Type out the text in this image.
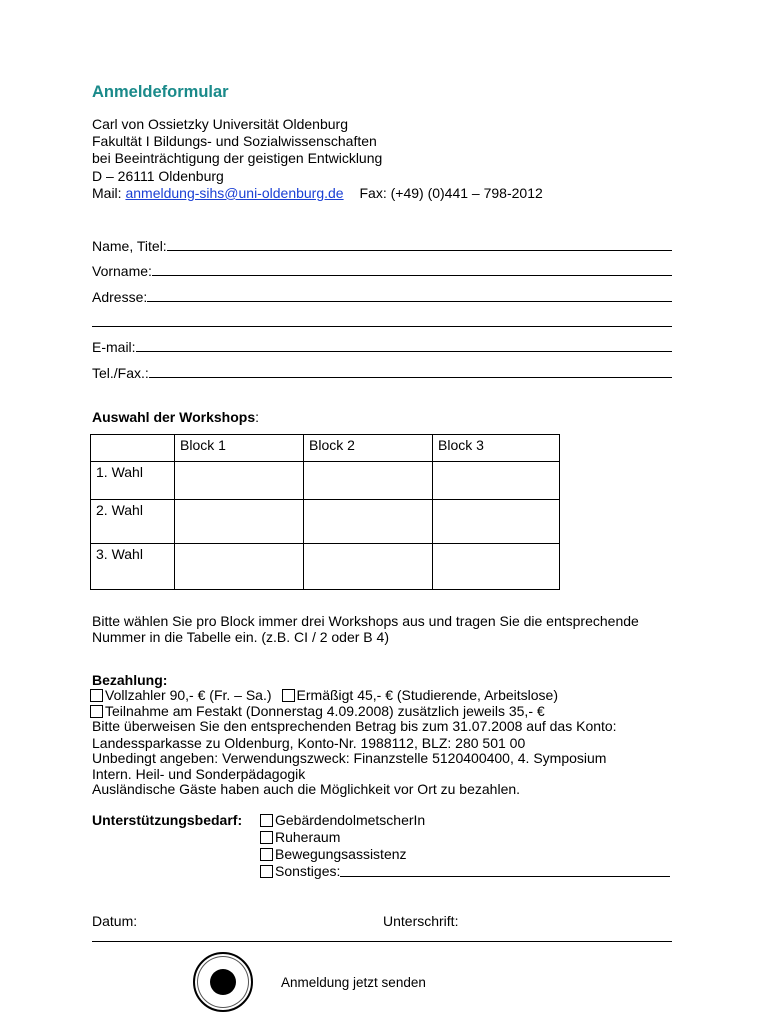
Anmeldeformular
Carl von Ossietzky Universität Oldenburg
Fakultät I Bildungs- und Sozialwissenschaften
bei Beeinträchtigung der geistigen Entwicklung
D – 26111 Oldenburg
Mail: anmeldung-sihs@uni-oldenburg.de Fax: (+49) (0)441 – 798-2012
Name, Titel:
Vorname:
Adresse:
E-mail:
Tel./Fax.:
Auswahl der Workshops:
	Block 1	Block 2	Block 3
1. Wahl			
2. Wahl			
3. Wahl			
Bitte wählen Sie pro Block immer drei Workshops aus und tragen Sie die entsprechende Nummer in die Tabelle ein. (z.B. CI / 2 oder B 4)
Bezahlung:
Vollzahler 90,- € (Fr. – Sa.) Ermäßigt 45,- € (Studierende, Arbeitslose)
Teilnahme am Festakt (Donnerstag 4.09.2008) zusätzlich jeweils 35,- €
Bitte überweisen Sie den entsprechenden Betrag bis zum 31.07.2008 auf das Konto:
Landessparkasse zu Oldenburg, Konto-Nr. 1988112, BLZ: 280 501 00
Unbedingt angeben: Verwendungszweck: Finanzstelle 5120400400, 4. Symposium
Intern. Heil- und Sonderpädagogik
Ausländische Gäste haben auch die Möglichkeit vor Ort zu bezahlen.
Unterstützungsbedarf: GebärdendolmetscherIn
Ruheraum
Bewegungsassistenz
Sonstiges:
Datum:	Unterschrift:
Anmeldung jetzt senden
